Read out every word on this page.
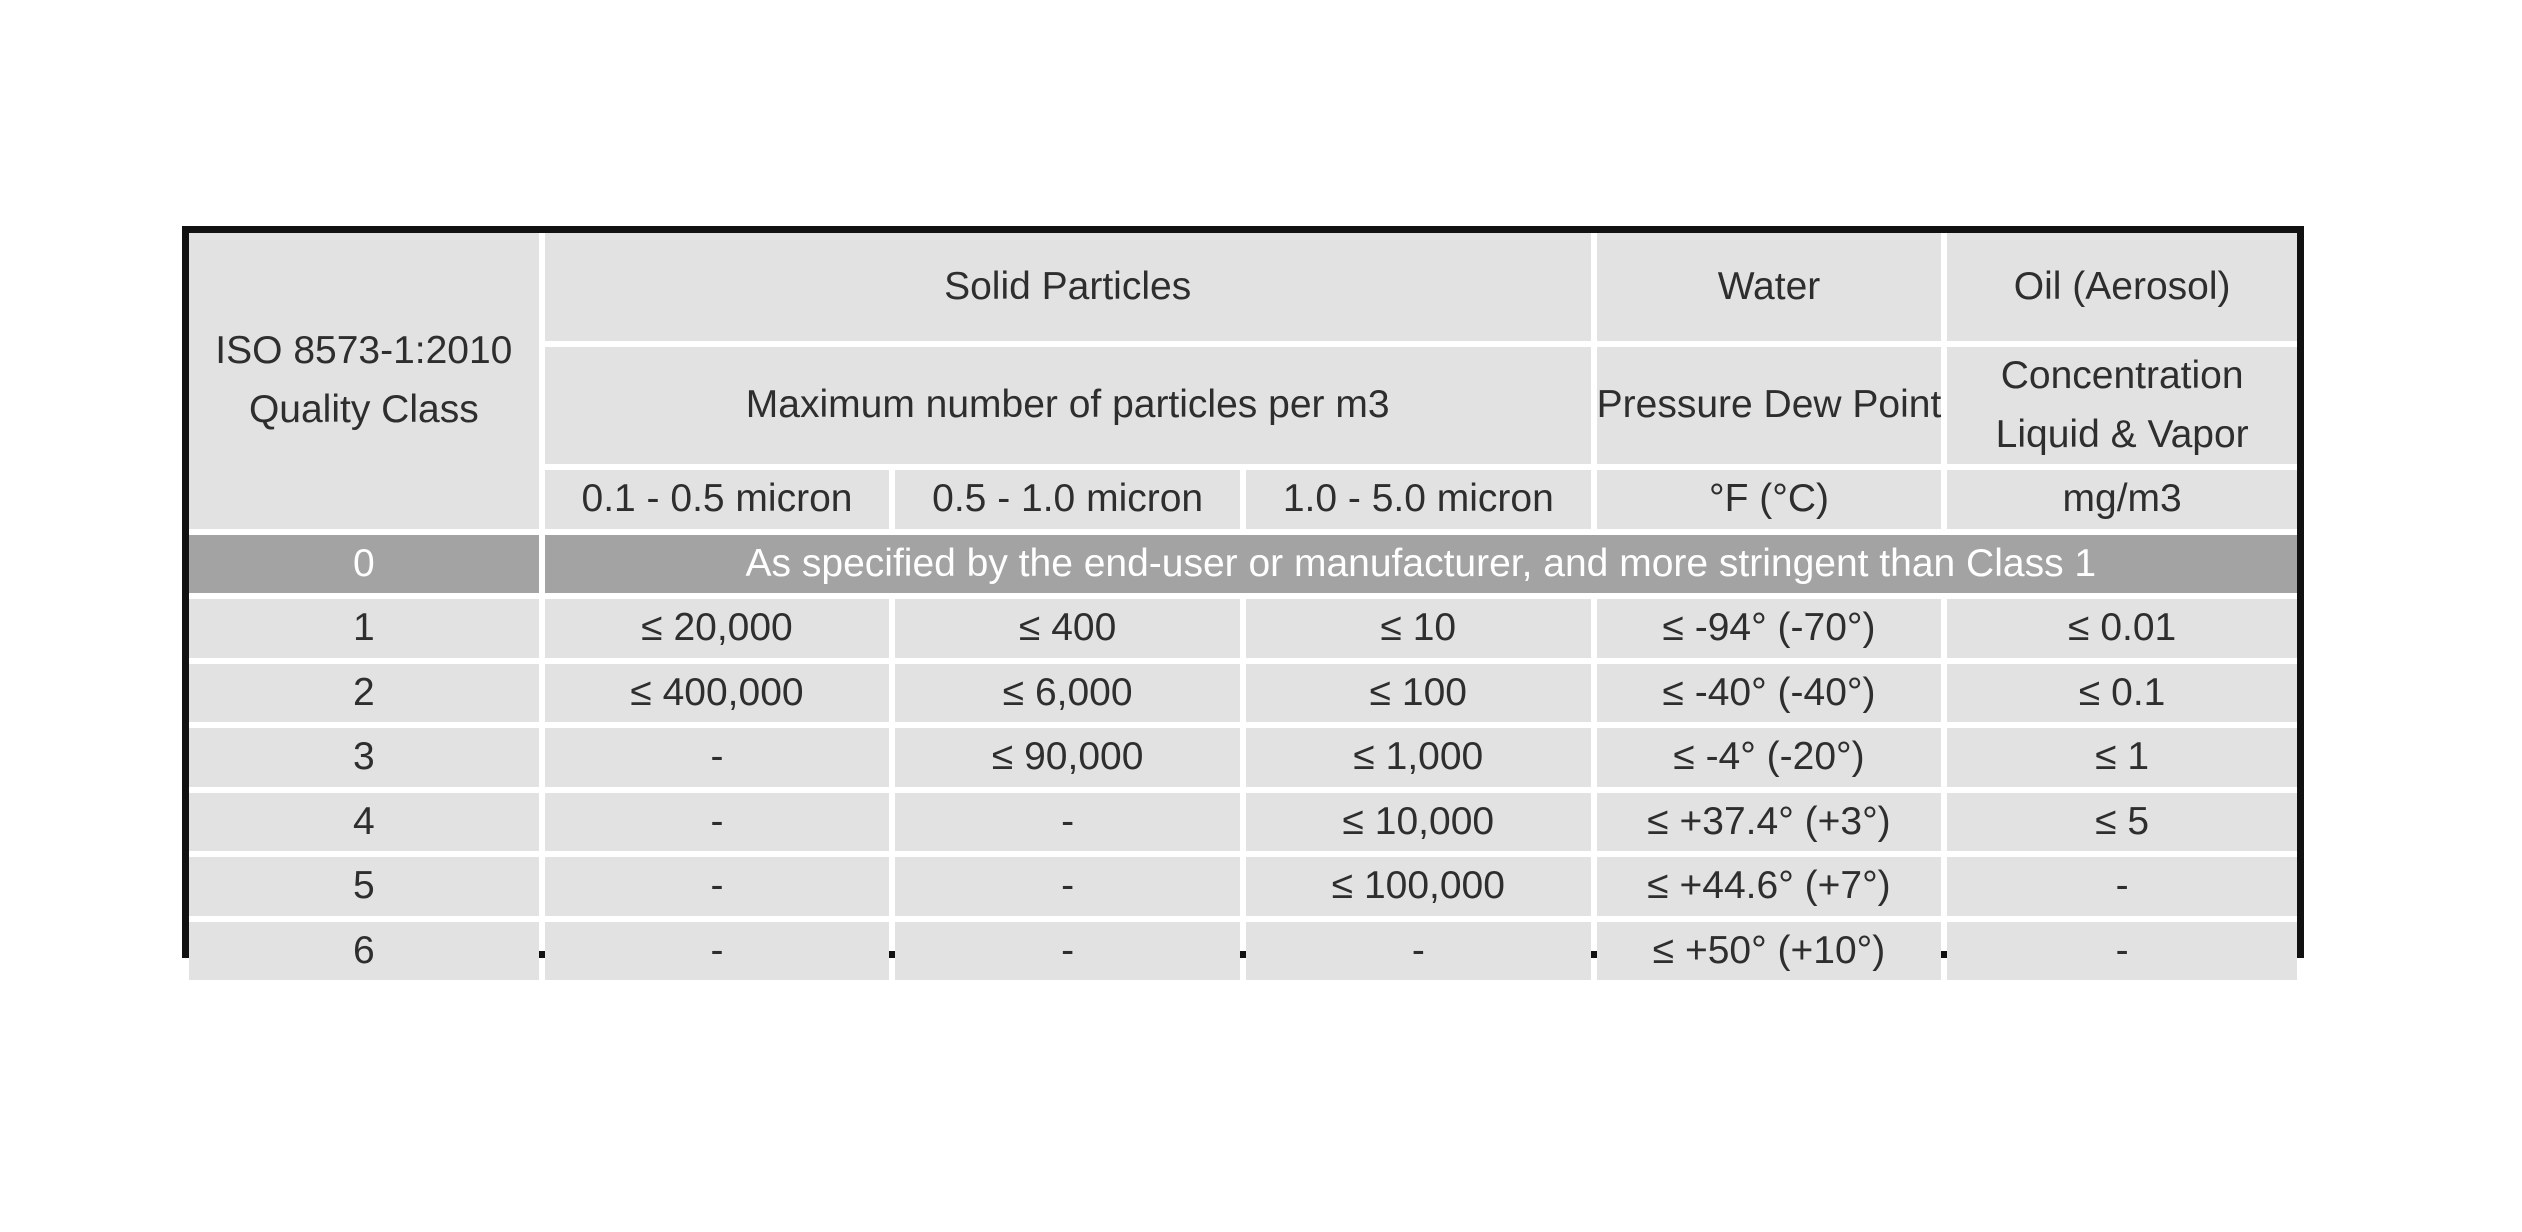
ISO 8573-1:2010 Quality Class	Solid Particles			Water	Oil (Aerosol)
	Maximum number of particles per m3			Pressure Dew Point	Concentration Liquid & Vapor
	0.1 - 0.5 micron	0.5 - 1.0 micron	1.0 - 5.0 micron	°F (°C)	mg/m3
0	As specified by the end-user or manufacturer, and more stringent than Class 1				
1	≤ 20,000	≤ 400	≤ 10	≤ -94° (-70°)	≤ 0.01
2	≤ 400,000	≤ 6,000	≤ 100	≤ -40° (-40°)	≤ 0.1
3	-	≤ 90,000	≤ 1,000	≤ -4° (-20°)	≤ 1
4	-	-	≤ 10,000	≤ +37.4° (+3°)	≤ 5
5	-	-	≤ 100,000	≤ +44.6° (+7°)	-
6	-	-	-	≤ +50° (+10°)	-
